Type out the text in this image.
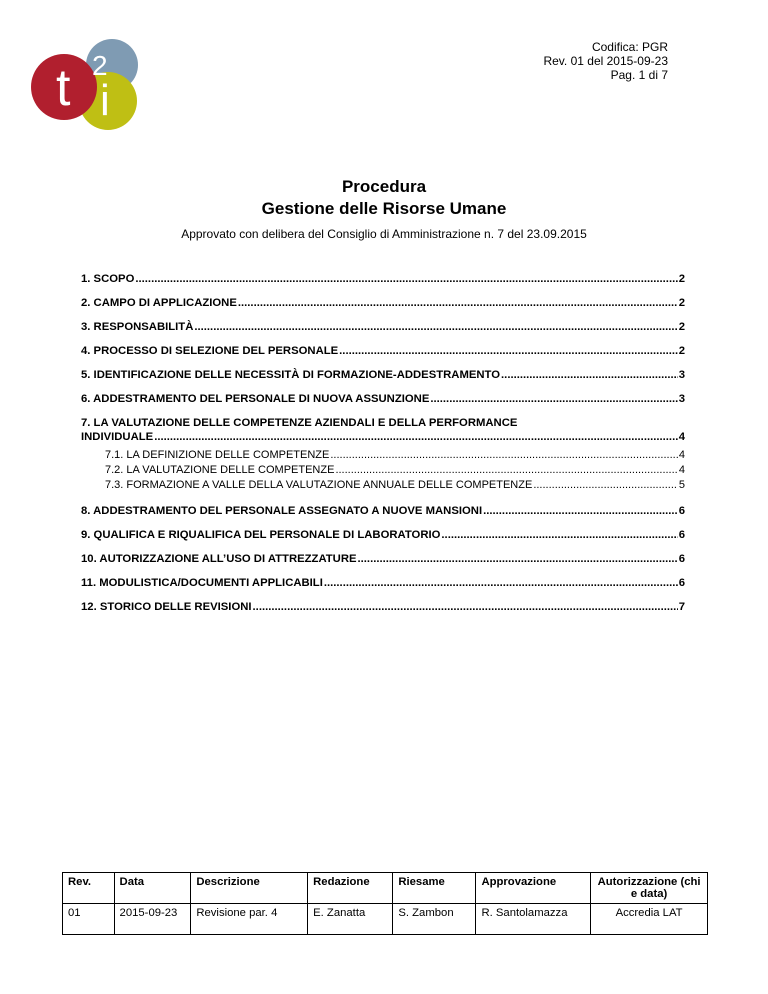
t 2
i
Codifica: PGR
Rev. 01 del 2015-09-23
Pag. 1 di 7
Procedura
Gestione delle Risorse Umane
Approvato con delibera del Consiglio di Amministrazione n. 7 del 23.09.2015
1. SCOPO .....	2
2. CAMPO DI APPLICAZIONE .....	2
3. RESPONSABILITÀ .....	2
4. PROCESSO DI SELEZIONE DEL PERSONALE .....	2
5. IDENTIFICAZIONE DELLE NECESSITÀ DI FORMAZIONE-ADDESTRAMENTO .....	3
6. ADDESTRAMENTO DEL PERSONALE DI NUOVA ASSUNZIONE .....	3
7. LA VALUTAZIONE DELLE COMPETENZE AZIENDALI E DELLA PERFORMANCE
INDIVIDUALE .....	4
7.1. LA DEFINIZIONE DELLE COMPETENZE .....	4
7.2. LA VALUTAZIONE DELLE COMPETENZE .....	4
7.3. FORMAZIONE A VALLE DELLA VALUTAZIONE ANNUALE DELLE COMPETENZE .....	5
8. ADDESTRAMENTO DEL PERSONALE ASSEGNATO A NUOVE MANSIONI .....	6
9. QUALIFICA E RIQUALIFICA DEL PERSONALE DI LABORATORIO .....	6
10. AUTORIZZAZIONE ALL’USO DI ATTREZZATURE .....	6
11. MODULISTICA/DOCUMENTI APPLICABILI .....	6
12. STORICO DELLE REVISIONI .....	7
Rev.	Data	Descrizione	Redazione	Riesame	Approvazione	Autorizzazione (chi e data)
01	2015-09-23	Revisione par. 4	E. Zanatta	S. Zambon	R. Santolamazza	Accredia LAT
